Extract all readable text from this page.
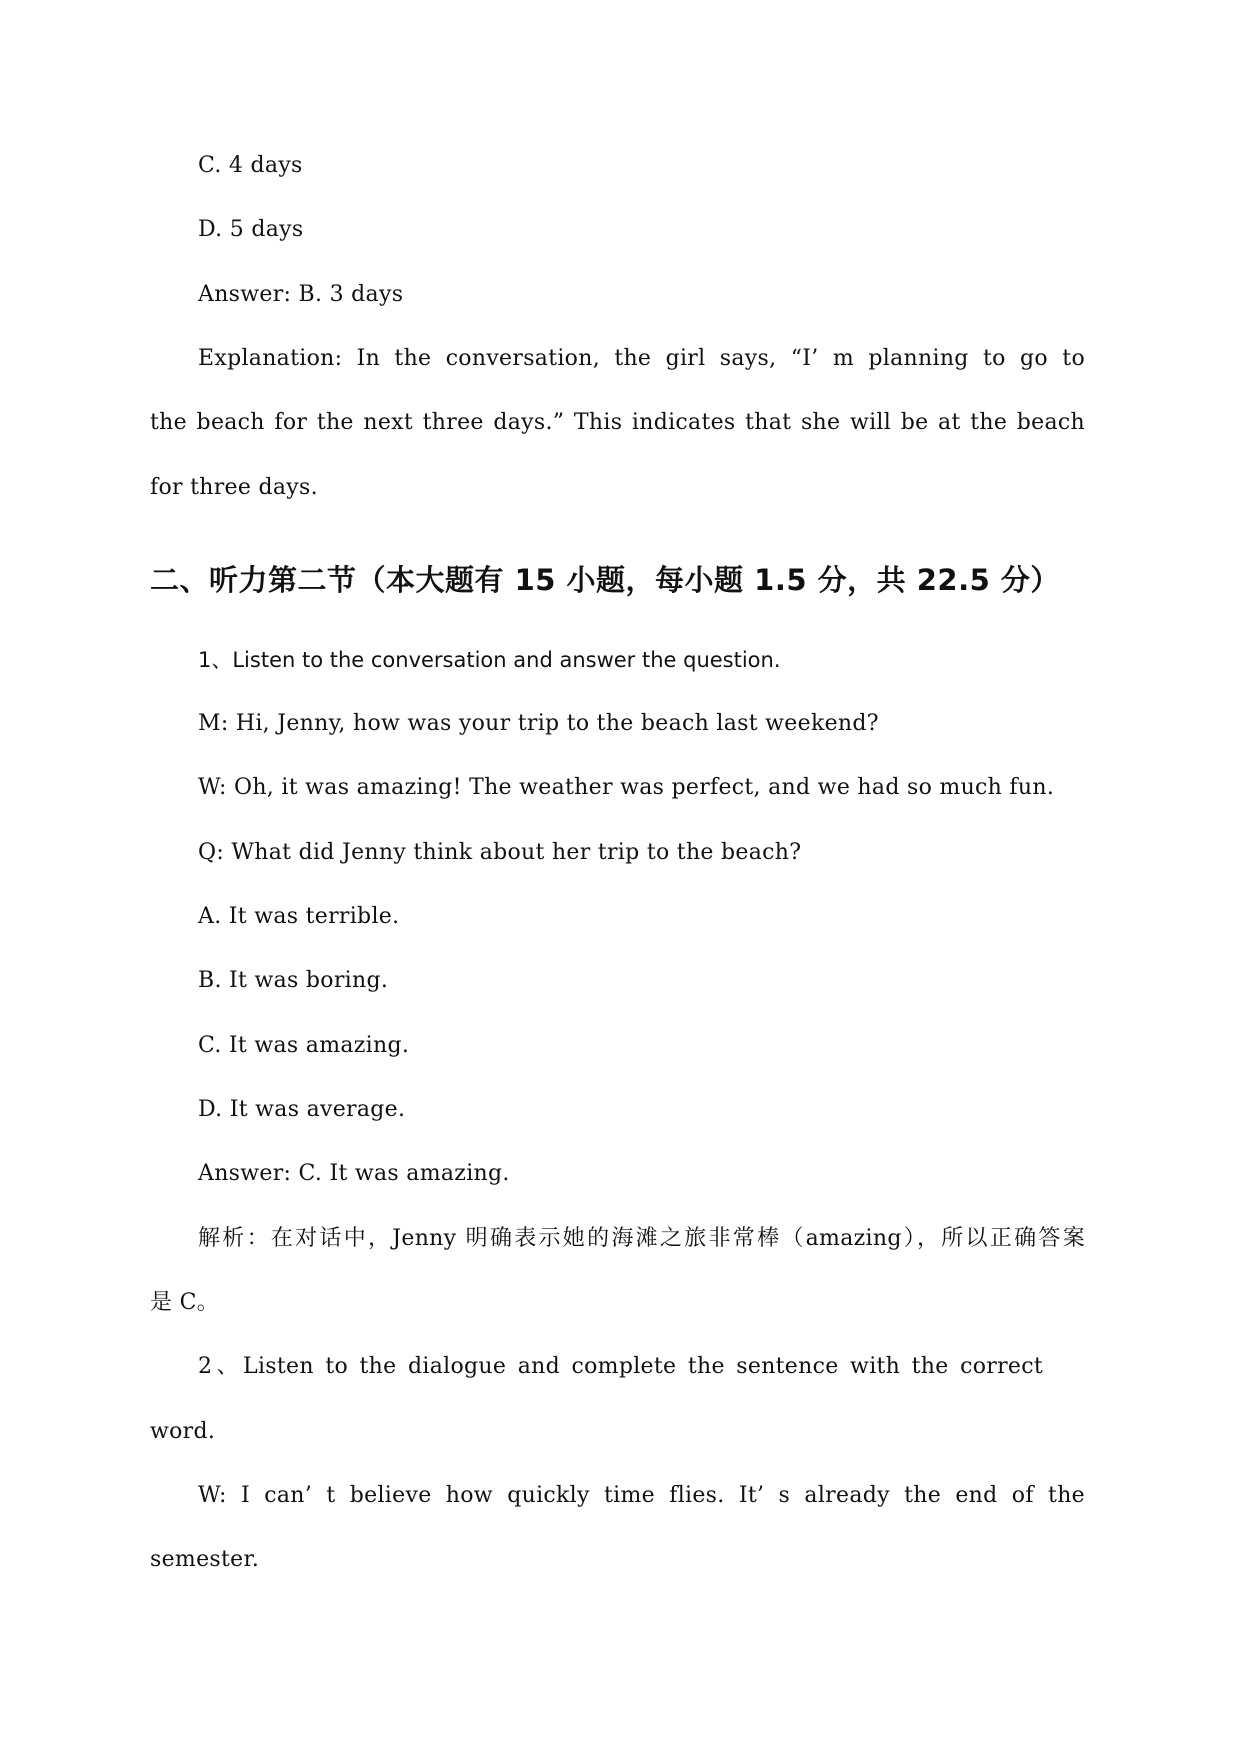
C. 4 days
D. 5 days
Answer: B. 3 days
Explanation: In the conversation, the girl says, “I’ m planning to go to
the beach for the next three days.” This indicates that she will be at the beach
for three days.
二、听力第二节（本大题有 15 小题，每小题 1.5 分，共 22.5 分）
1、Listen to the conversation and answer the question.
M: Hi, Jenny, how was your trip to the beach last weekend?
W: Oh, it was amazing! The weather was perfect, and we had so much fun.
Q: What did Jenny think about her trip to the beach?
A. It was terrible.
B. It was boring.
C. It was amazing.
D. It was average.
Answer: C. It was amazing.
解析：在对话中，Jenny 明确表示她的海滩之旅非常棒（amazing），所以正确答案
是 C。
2、Listen to the dialogue and complete the sentence with the correct
word.
W: I can’ t believe how quickly time flies. It’ s already the end of the
semester.
